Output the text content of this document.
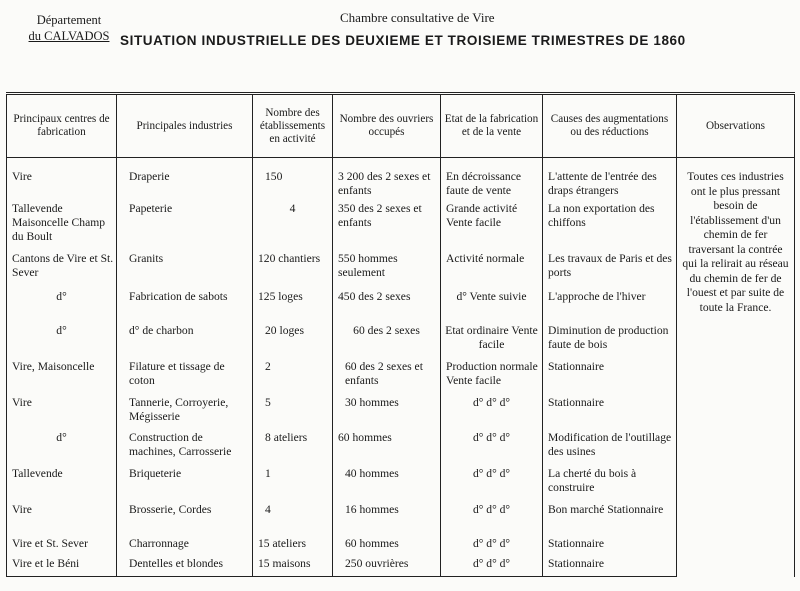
Département
du CALVADOS
Chambre consultative de Vire
SITUATION INDUSTRIELLE DES DEUXIEME ET TROISIEME TRIMESTRES DE 1860
Principaux centres de fabrication	Principales industries	Nombre des établissements en activité	Nombre des ouvriers occupés	Etat de la fabrication et de la vente	Causes des augmentations ou des réductions	Observations
Vire	Draperie	150	3 200 des 2 sexes et enfants	En décroissance faute de vente	L'attente de l'entrée des draps étrangers	Toutes ces industries ont le plus pressant besoin de l'établissement d'un chemin de fer traversant la contrée qui la relirait au réseau du chemin de fer de l'ouest et par suite de toute la France.
Tallevende Maisoncelle Champ du Boult	Papeterie	4	350 des 2 sexes et enfants	Grande activité Vente facile	La non exportation des chiffons	
Cantons de Vire et St. Sever	Granits	120 chantiers	550 hommes seulement	Activité normale	Les travaux de Paris et des ports	
d°	Fabrication de sabots	125 loges	450 des 2 sexes	d° Vente suivie	L'approche de l'hiver	
d°	d° de charbon	20 loges	60 des 2 sexes	Etat ordinaire Vente facile	Diminution de production faute de bois	
Vire, Maisoncelle	Filature et tissage de coton	2	60 des 2 sexes et enfants	Production normale Vente facile	Stationnaire	
Vire	Tannerie, Corroyerie, Mégisserie	5	30 hommes	d° d° d°	Stationnaire	
d°	Construction de machines, Carrosserie	8 ateliers	60 hommes	d° d° d°	Modification de l'outillage des usines	
Tallevende	Briqueterie	1	40 hommes	d° d° d°	La cherté du bois à construire	
Vire	Brosserie, Cordes	4	16 hommes	d° d° d°	Bon marché Stationnaire	
Vire et St. Sever	Charronnage	15 ateliers	60 hommes	d° d° d°	Stationnaire	
Vire et le Béni	Dentelles et blondes	15 maisons	250 ouvrières	d° d° d°	Stationnaire	
